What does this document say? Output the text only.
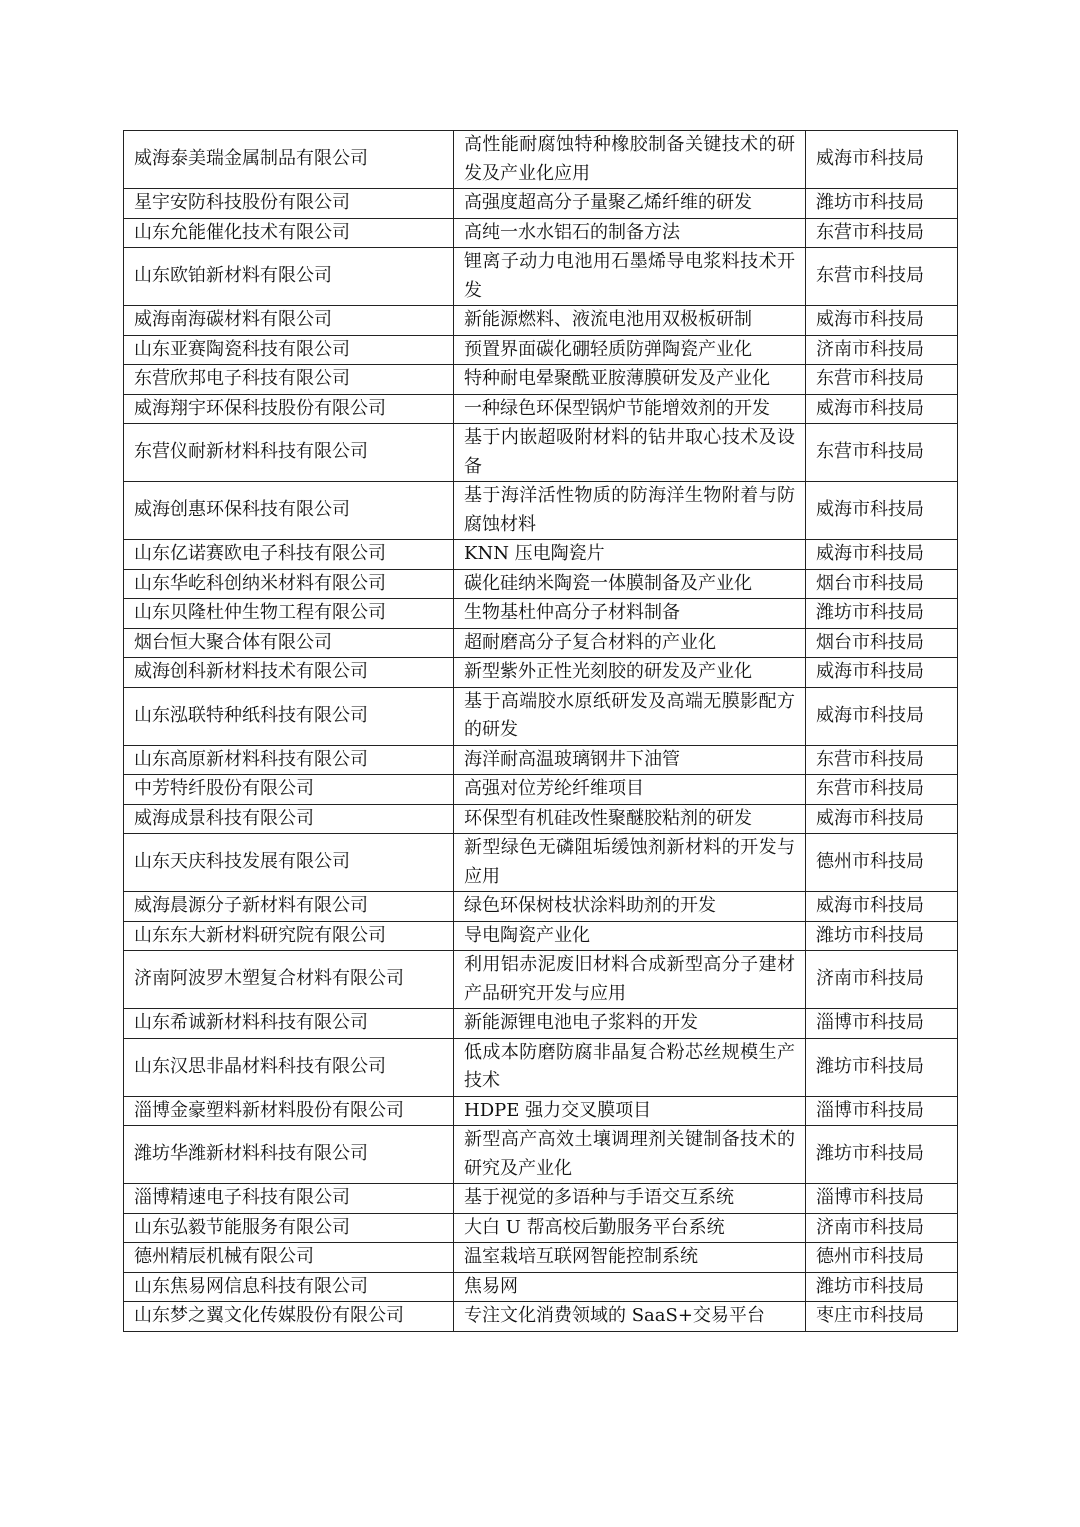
威海泰美瑞金属制品有限公司	高性能耐腐蚀特种橡胶制备关键技术的研发及产业化应用	威海市科技局
星宇安防科技股份有限公司	高强度超高分子量聚乙烯纤维的研发	潍坊市科技局
山东允能催化技术有限公司	高纯一水水铝石的制备方法	东营市科技局
山东欧铂新材料有限公司	锂离子动力电池用石墨烯导电浆料技术开发	东营市科技局
威海南海碳材料有限公司	新能源燃料、液流电池用双极板研制	威海市科技局
山东亚赛陶瓷科技有限公司	预置界面碳化硼轻质防弹陶瓷产业化	济南市科技局
东营欣邦电子科技有限公司	特种耐电晕聚酰亚胺薄膜研发及产业化	东营市科技局
威海翔宇环保科技股份有限公司	一种绿色环保型锅炉节能增效剂的开发	威海市科技局
东营仪耐新材料科技有限公司	基于内嵌超吸附材料的钻井取心技术及设备	东营市科技局
威海创惠环保科技有限公司	基于海洋活性物质的防海洋生物附着与防腐蚀材料	威海市科技局
山东亿诺赛欧电子科技有限公司	KNN 压电陶瓷片	威海市科技局
山东华屹科创纳米材料有限公司	碳化硅纳米陶瓷一体膜制备及产业化	烟台市科技局
山东贝隆杜仲生物工程有限公司	生物基杜仲高分子材料制备	潍坊市科技局
烟台恒大聚合体有限公司	超耐磨高分子复合材料的产业化	烟台市科技局
威海创科新材料技术有限公司	新型紫外正性光刻胶的研发及产业化	威海市科技局
山东泓联特种纸科技有限公司	基于高端胶水原纸研发及高端无膜影配方的研发	威海市科技局
山东高原新材料科技有限公司	海洋耐高温玻璃钢井下油管	东营市科技局
中芳特纤股份有限公司	高强对位芳纶纤维项目	东营市科技局
威海成景科技有限公司	环保型有机硅改性聚醚胶粘剂的研发	威海市科技局
山东天庆科技发展有限公司	新型绿色无磷阻垢缓蚀剂新材料的开发与应用	德州市科技局
威海晨源分子新材料有限公司	绿色环保树枝状涂料助剂的开发	威海市科技局
山东东大新材料研究院有限公司	导电陶瓷产业化	潍坊市科技局
济南阿波罗木塑复合材料有限公司	利用铝赤泥废旧材料合成新型高分子建材产品研究开发与应用	济南市科技局
山东希诚新材料科技有限公司	新能源锂电池电子浆料的开发	淄博市科技局
山东汉思非晶材料科技有限公司	低成本防磨防腐非晶复合粉芯丝规模生产技术	潍坊市科技局
淄博金豪塑料新材料股份有限公司	HDPE 强力交叉膜项目	淄博市科技局
潍坊华潍新材料科技有限公司	新型高产高效土壤调理剂关键制备技术的研究及产业化	潍坊市科技局
淄博精速电子科技有限公司	基于视觉的多语种与手语交互系统	淄博市科技局
山东弘毅节能服务有限公司	大白 U 帮高校后勤服务平台系统	济南市科技局
德州精辰机械有限公司	温室栽培互联网智能控制系统	德州市科技局
山东焦易网信息科技有限公司	焦易网	潍坊市科技局
山东梦之翼文化传媒股份有限公司	专注文化消费领域的 SaaS+交易平台	枣庄市科技局
